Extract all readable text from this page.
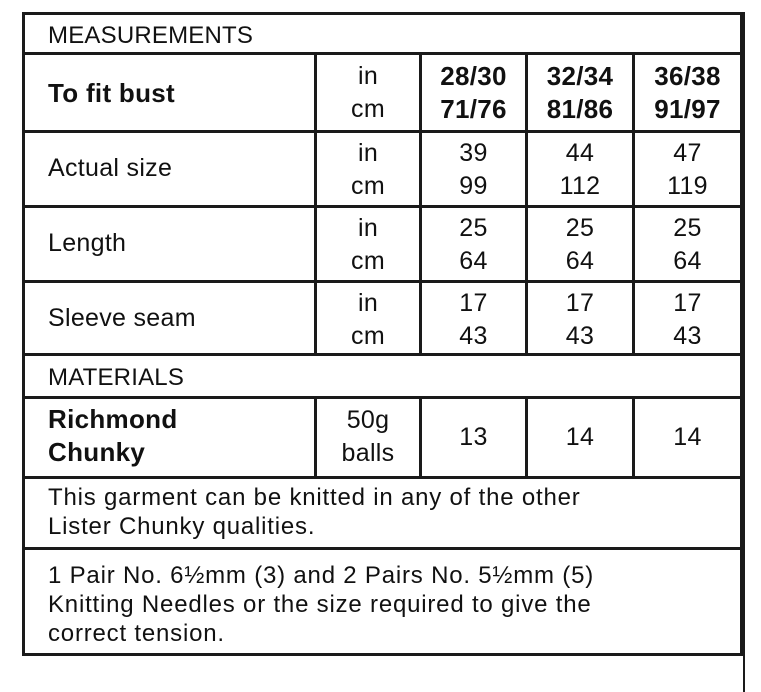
MEASUREMENTS
To fit bust
in
cm
28/30
71/76
32/34
81/86
36/38
91/97
Actual size
in
cm
39
99
44
112
47
119
Length
in
cm
25
64
25
64
25
64
Sleeve seam
in
cm
17
43
17
43
17
43
MATERIALS
Richmond
Chunky
50g
balls
13	14	14
This garment can be knitted in any of the other
Lister Chunky qualities.
1 Pair No. 6½mm (3) and 2 Pairs No. 5½mm (5)
Knitting Needles or the size required to give the
correct tension.
